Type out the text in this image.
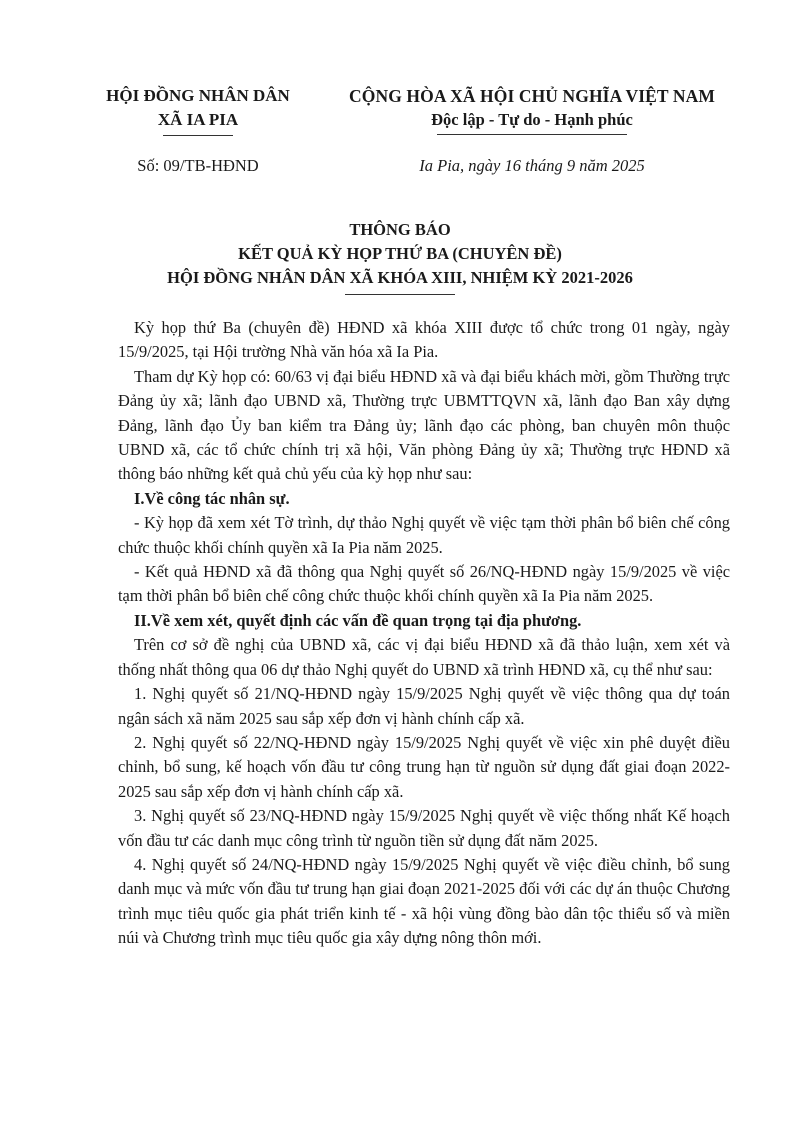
HỘI ĐỒNG NHÂN DÂN
XÃ IA PIA
CỘNG HÒA XÃ HỘI CHỦ NGHĨA VIỆT NAM
Độc lập - Tự do - Hạnh phúc
Số: 09/TB-HĐND	Ia Pia, ngày 16 tháng 9 năm 2025
THÔNG BÁO
KẾT QUẢ KỲ HỌP THỨ BA (CHUYÊN ĐỀ)
HỘI ĐỒNG NHÂN DÂN XÃ KHÓA XIII, NHIỆM KỲ 2021-2026

Kỳ họp thứ Ba (chuyên đề) HĐND xã khóa XIII được tổ chức trong 01 ngày, ngày 15/9/2025, tại Hội trường Nhà văn hóa xã Ia Pia.

Tham dự Kỳ họp có: 60/63 vị đại biểu HĐND xã và đại biểu khách mời, gồm Thường trực Đảng ủy xã; lãnh đạo UBND xã, Thường trực UBMTTQVN xã, lãnh đạo Ban xây dựng Đảng, lãnh đạo Ủy ban kiểm tra Đảng ủy; lãnh đạo các phòng, ban chuyên môn thuộc UBND xã, các tổ chức chính trị xã hội, Văn phòng Đảng ủy xã; Thường trực HĐND xã thông báo những kết quả chủ yếu của kỳ họp như sau:

I.Về công tác nhân sự.

- Kỳ họp đã xem xét Tờ trình, dự thảo Nghị quyết về việc tạm thời phân bổ biên chế công chức thuộc khối chính quyền xã Ia Pia năm 2025.

- Kết quả HĐND xã đã thông qua Nghị quyết số 26/NQ-HĐND ngày 15/9/2025 về việc tạm thời phân bổ biên chế công chức thuộc khối chính quyền xã Ia Pia năm 2025.

II.Về xem xét, quyết định các vấn đề quan trọng tại địa phương.

Trên cơ sở đề nghị của UBND xã, các vị đại biểu HĐND xã đã thảo luận, xem xét và thống nhất thông qua 06 dự thảo Nghị quyết do UBND xã trình HĐND xã, cụ thể như sau:

1. Nghị quyết số 21/NQ-HĐND ngày 15/9/2025 Nghị quyết về việc thông qua dự toán ngân sách xã năm 2025 sau sắp xếp đơn vị hành chính cấp xã.

2. Nghị quyết số 22/NQ-HĐND ngày 15/9/2025 Nghị quyết về việc xin phê duyệt điều chỉnh, bổ sung, kế hoạch vốn đầu tư công trung hạn từ nguồn sử dụng đất giai đoạn 2022-2025 sau sắp xếp đơn vị hành chính cấp xã.

3. Nghị quyết số 23/NQ-HĐND ngày 15/9/2025 Nghị quyết về việc thống nhất Kế hoạch vốn đầu tư các danh mục công trình từ nguồn tiền sử dụng đất năm 2025.

4. Nghị quyết số 24/NQ-HĐND ngày 15/9/2025 Nghị quyết về việc điều chỉnh, bổ sung danh mục và mức vốn đầu tư trung hạn giai đoạn 2021-2025 đối với các dự án thuộc Chương trình mục tiêu quốc gia phát triển kinh tế - xã hội vùng đồng bào dân tộc thiểu số và miền núi và Chương trình mục tiêu quốc gia xây dựng nông thôn mới.
